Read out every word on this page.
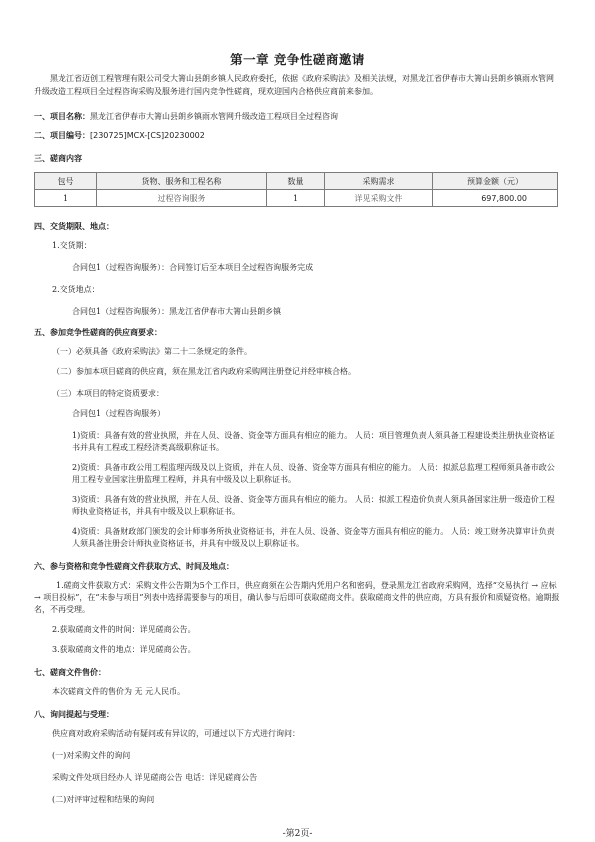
第一章 竞争性磋商邀请
黑龙江省迈创工程管理有限公司受大箐山县朗乡镇人民政府委托，依据《政府采购法》及相关法规，对黑龙江省伊春市大箐山县朗乡镇雨水管网升级改造工程项目全过程咨询采购及服务进行国内竞争性磋商，现欢迎国内合格供应商前来参加。
一、项目名称：黑龙江省伊春市大箐山县朗乡镇雨水管网升级改造工程项目全过程咨询
二、项目编号：[230725]MCX-[CS]20230002
三、磋商内容
包号	货物、服务和工程名称	数量	采购需求	预算金额（元）
1	过程咨询服务	1	详见采购文件	697,800.00
四、交货期限、地点：
1.交货期：
合同包1（过程咨询服务）：合同签订后至本项目全过程咨询服务完成
2.交货地点：
合同包1（过程咨询服务）：黑龙江省伊春市大箐山县朗乡镇
五、参加竞争性磋商的供应商要求：
（一）必须具备《政府采购法》第二十二条规定的条件。
（二）参加本项目磋商的供应商，须在黑龙江省内政府采购网注册登记并经审核合格。
（三）本项目的特定资质要求：
合同包1（过程咨询服务）
1)资质：具备有效的营业执照，并在人员、设备、资金等方面具有相应的能力。 人员：项目管理负责人须具备工程建设类注册执业资格证书并具有工程或工程经济类高级职称证书。
2)资质：具备市政公用工程监理丙级及以上资质，并在人员、设备、资金等方面具有相应的能力。 人员：拟派总监理工程师须具备市政公用工程专业国家注册监理工程师，并具有中级及以上职称证书。
3)资质：具备有效的营业执照，并在人员、设备、资金等方面具有相应的能力。 人员：拟派工程造价负责人须具备国家注册一级造价工程师执业资格证书，并具有中级及以上职称证书。
4)资质：具备财政部门颁发的会计师事务所执业资格证书，并在人员、设备、资金等方面具有相应的能力。 人员：竣工财务决算审计负责人须具备注册会计师执业资格证书，并具有中级及以上职称证书。
六、参与资格和竞争性磋商文件获取方式、时间及地点：
1.磋商文件获取方式：采购文件公告期为5个工作日，供应商须在公告期内凭用户名和密码，登录黑龙江省政府采购网，选择“交易执行 → 应标 → 项目投标”，在“未参与项目”列表中选择需要参与的项目，确认参与后即可获取磋商文件。获取磋商文件的供应商，方具有报价和质疑资格。逾期报名，不再受理。
2.获取磋商文件的时间：详见磋商公告。
3.获取磋商文件的地点：详见磋商公告。
七、磋商文件售价：
本次磋商文件的售价为 无 元人民币。
八、询问提起与受理：
供应商对政府采购活动有疑问或有异议的，可通过以下方式进行询问：
(一)对采购文件的询问
采购文件处项目经办人 详见磋商公告 电话：详见磋商公告
(二)对评审过程和结果的询问
-第2页-
